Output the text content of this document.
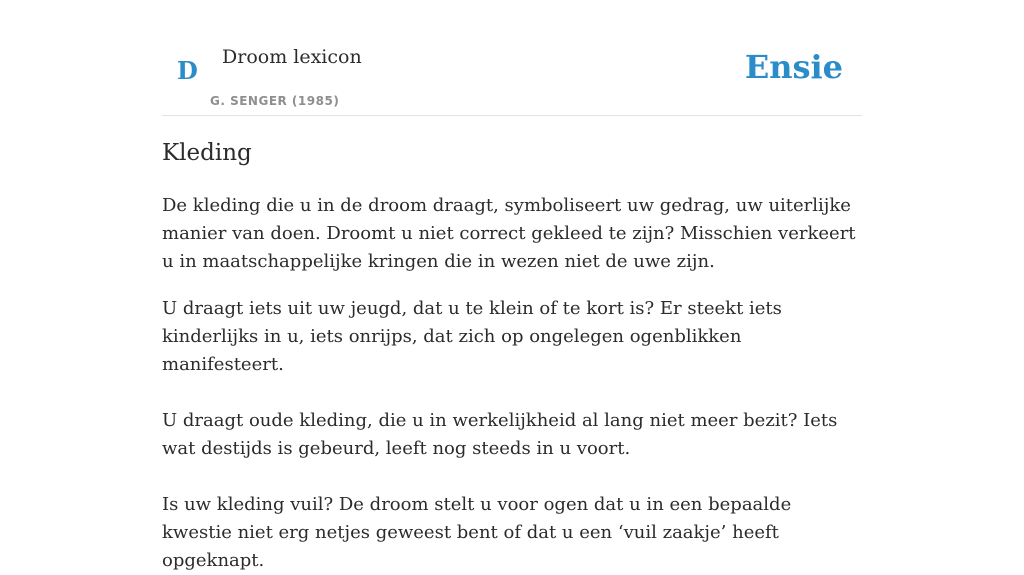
D Droom lexicon
G. SENGER (1985)
Ensie
Kleding

De kleding die u in de droom draagt, symboliseert uw gedrag, uw uiterlijke manier van doen. Droomt u niet correct gekleed te zijn? Misschien verkeert u in maatschappelijke kringen die in wezen niet de uwe zijn.

U draagt iets uit uw jeugd, dat u te klein of te kort is? Er steekt iets kinderlijks in u, iets onrijps, dat zich op ongelegen ogenblikken manifesteert.

U draagt oude kleding, die u in werkelijkheid al lang niet meer bezit? Iets wat destijds is gebeurd, leeft nog steeds in u voort.

Is uw kleding vuil? De droom stelt u voor ogen dat u in een bepaalde kwestie niet erg netjes geweest bent of dat u een ‘vuil zaakje’ heeft opgeknapt.
